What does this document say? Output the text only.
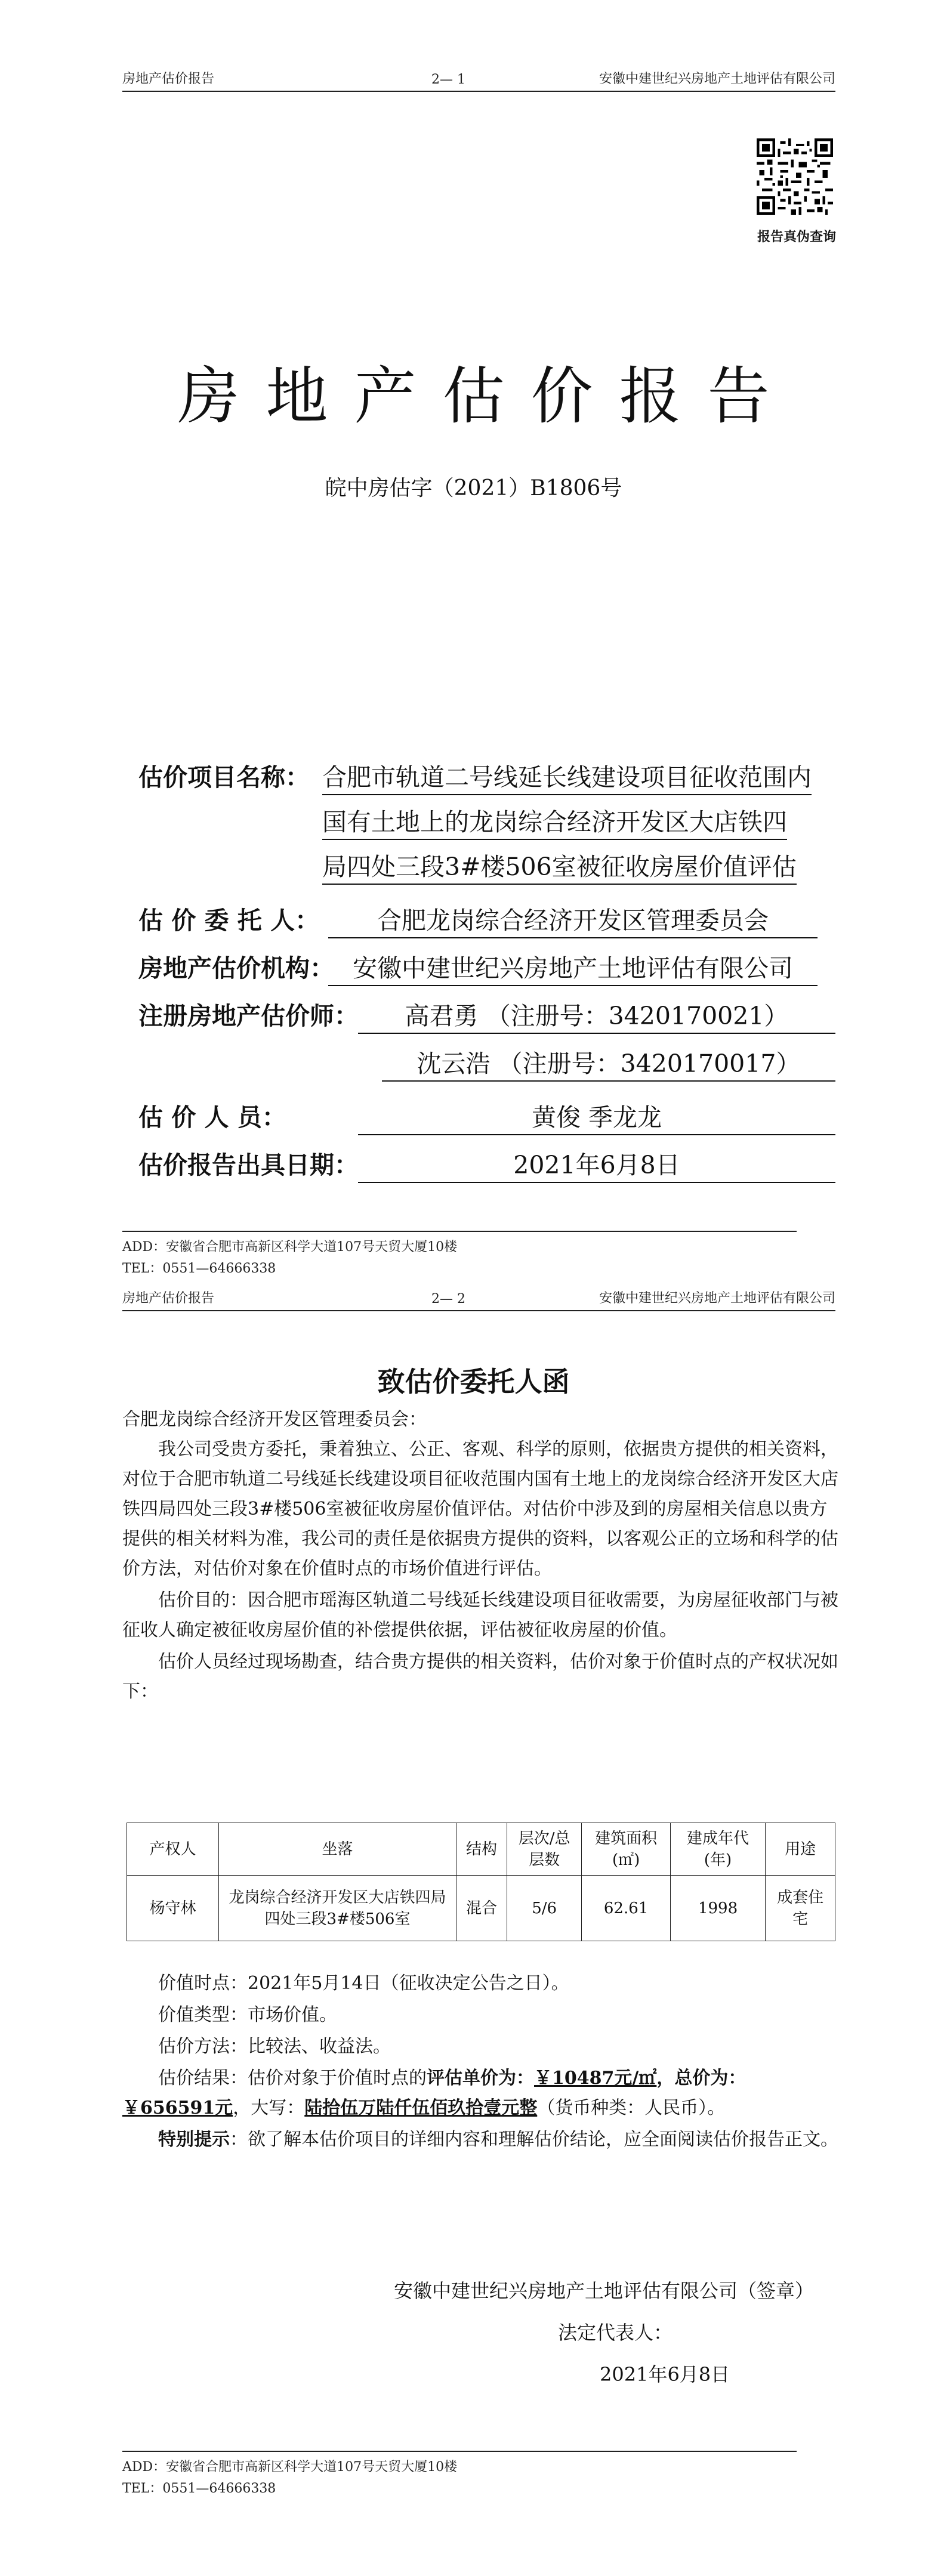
房地产估价报告	2— 1	安徽中建世纪兴房地产土地评估有限公司
报告真伪查询
房地产估价报告
皖中房估字（2021）B1806号
估价项目名称： 合肥市轨道二号线延长线建设项目征收范围内
国有土地上的龙岗综合经济开发区大店铁四
局四处三段3#楼506室被征收房屋价值评估
估 价 委 托 人：	合肥龙岗综合经济开发区管理委员会
房地产估价机构： 安徽中建世纪兴房地产土地评估有限公司
注册房地产估价师：	高君勇 （注册号：3420170021）
沈云浩 （注册号：3420170017）
估 价 人 员：	黄俊 季龙龙
估价报告出具日期：	2021年6月8日
ADD：安徽省合肥市高新区科学大道107号天贸大厦10楼
TEL：0551—64666338
房地产估价报告	2— 2	安徽中建世纪兴房地产土地评估有限公司
致估价委托人函
合肥龙岗综合经济开发区管理委员会：
我公司受贵方委托，秉着独立、公正、客观、科学的原则，依据贵方提供的相关资料，对位于合肥市轨道二号线延长线建设项目征收范围内国有土地上的龙岗综合经济开发区大店铁四局四处三段3#楼506室被征收房屋价值评估。对估价中涉及到的房屋相关信息以贵方提供的相关材料为准，我公司的责任是依据贵方提供的资料，以客观公正的立场和科学的估价方法，对估价对象在价值时点的市场价值进行评估。
估价目的：因合肥市瑶海区轨道二号线延长线建设项目征收需要，为房屋征收部门与被征收人确定被征收房屋价值的补偿提供依据，评估被征收房屋的价值。
估价人员经过现场勘查，结合贵方提供的相关资料，估价对象于价值时点的产权状况如下：
产权人	坐落	结构	层次/总层数	建筑面积(㎡)	建成年代(年)	用途
杨守林	龙岗综合经济开发区大店铁四局四处三段3#楼506室	混合	5/6	62.61	1998	成套住宅
价值时点：2021年5月14日（征收决定公告之日）。
价值类型：市场价值。
估价方法：比较法、收益法。
估价结果：估价对象于价值时点的评估单价为：￥10487元/㎡，总价为：￥656591元，大写：陆拾伍万陆仟伍佰玖拾壹元整（货币种类：人民币）。
特别提示：欲了解本估价项目的详细内容和理解估价结论，应全面阅读估价报告正文。
安徽中建世纪兴房地产土地评估有限公司（签章）
法定代表人：
2021年6月8日
ADD：安徽省合肥市高新区科学大道107号天贸大厦10楼
TEL：0551—64666338
